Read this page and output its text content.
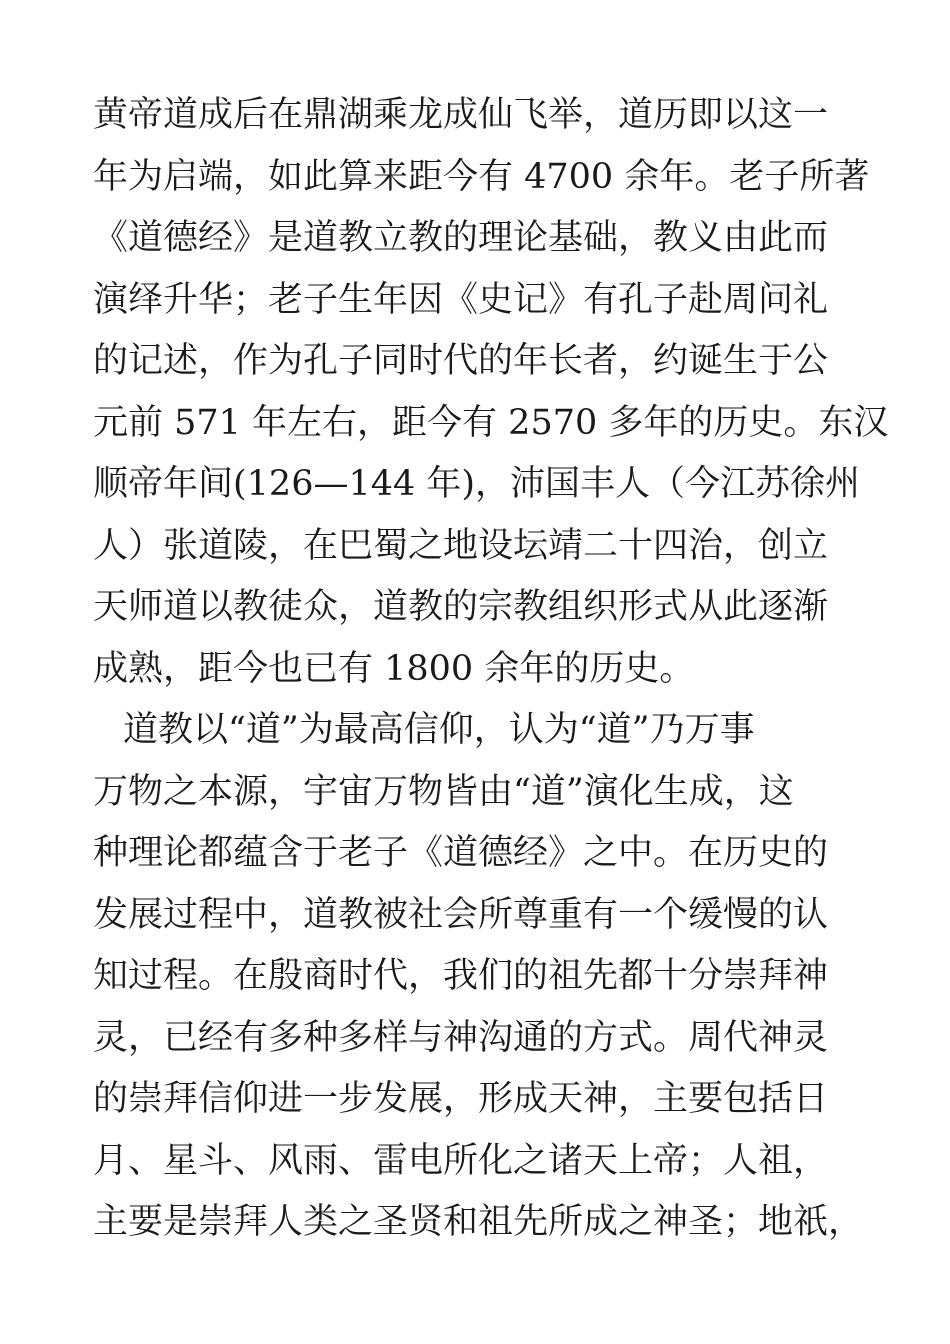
黄帝道成后在鼎湖乘龙成仙飞举，道历即以这一
年为启端，如此算来距今有 4700 余年。老子所著
《道德经》是道教立教的理论基础，教义由此而
演绎升华；老子生年因《史记》有孔子赴周问礼
的记述，作为孔子同时代的年长者，约诞生于公
元前 571 年左右，距今有 2570 多年的历史。东汉
顺帝年间(126—144 年)，沛国丰人（今江苏徐州
人）张道陵，在巴蜀之地设坛靖二十四治，创立
天师道以教徒众，道教的宗教组织形式从此逐渐
成熟，距今也已有 1800 余年的历史。
道教以“道”为最高信仰，认为“道”乃万事
万物之本源，宇宙万物皆由“道”演化生成，这
种理论都蕴含于老子《道德经》之中。在历史的
发展过程中，道教被社会所尊重有一个缓慢的认
知过程。在殷商时代，我们的祖先都十分崇拜神
灵，已经有多种多样与神沟通的方式。周代神灵
的崇拜信仰进一步发展，形成天神，主要包括日
月、星斗、风雨、雷电所化之诸天上帝；人祖，
主要是崇拜人类之圣贤和祖先所成之神圣；地祇，
